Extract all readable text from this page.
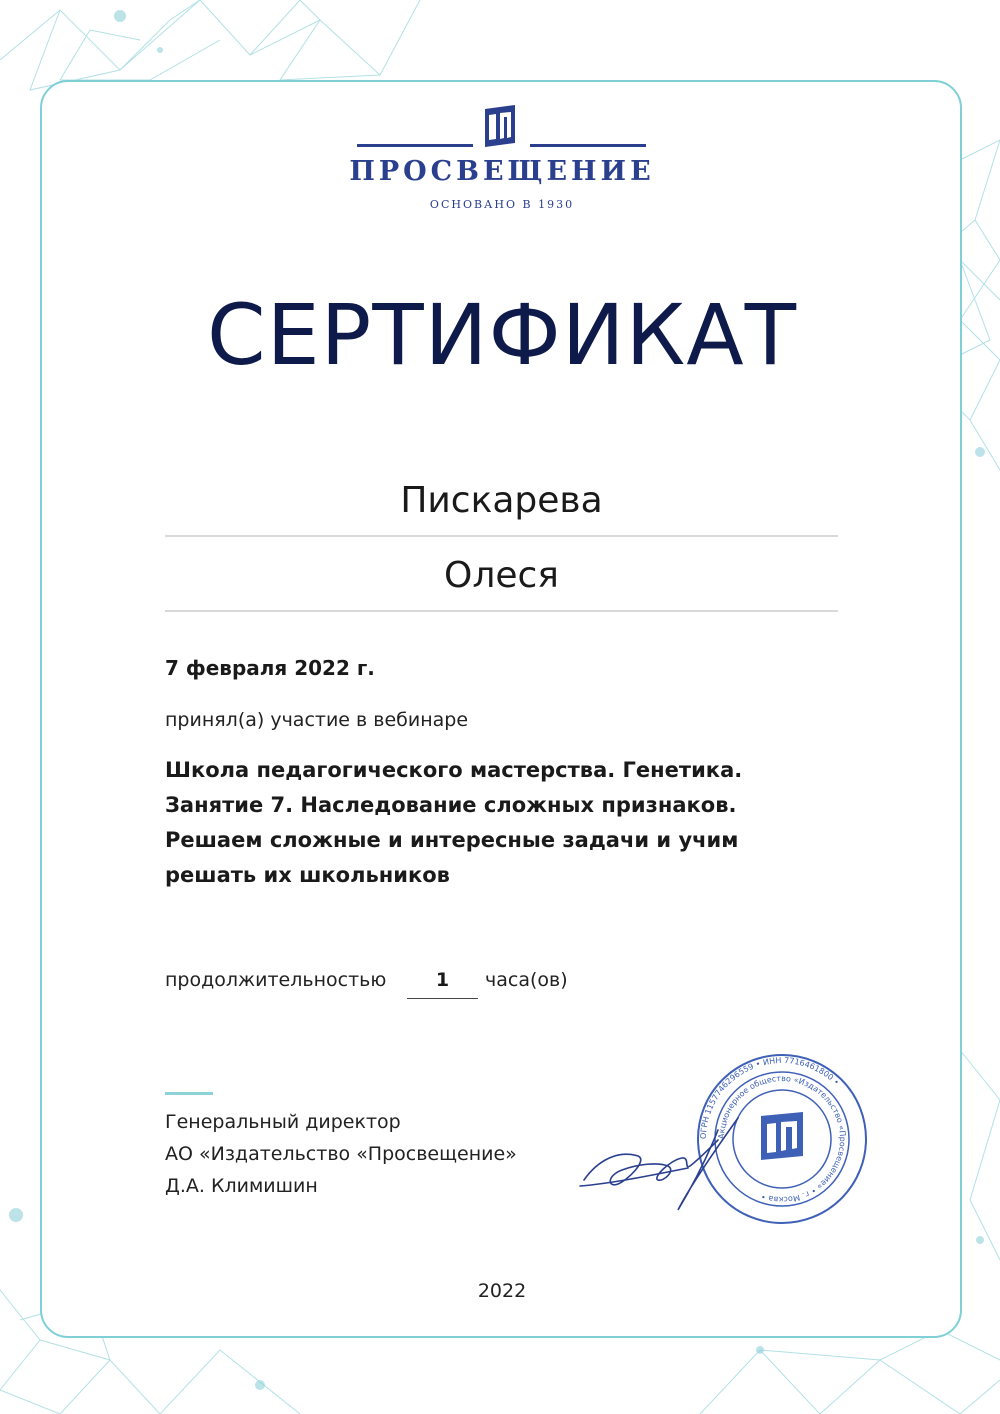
ПРОСВЕЩЕНИЕ
ОСНОВАНО В 1930
СЕРТИФИКАТ
Пискарева
Олеся
7 февраля 2022 г.
принял(а) участие в вебинаре
Школа педагогического мастерства. Генетика. Занятие 7. Наследование сложных признаков. Решаем сложные и интересные задачи и учим решать их школьников
продолжительностью	1	часа(ов)
Генеральный директор
АО «Издательство «Просвещение»
Д.А. Климишин
ОГРН 1157746296559 • ИНН 7716461800 •
Акционерное общество «Издательство «Просвещение» • г. Москва •
2022
